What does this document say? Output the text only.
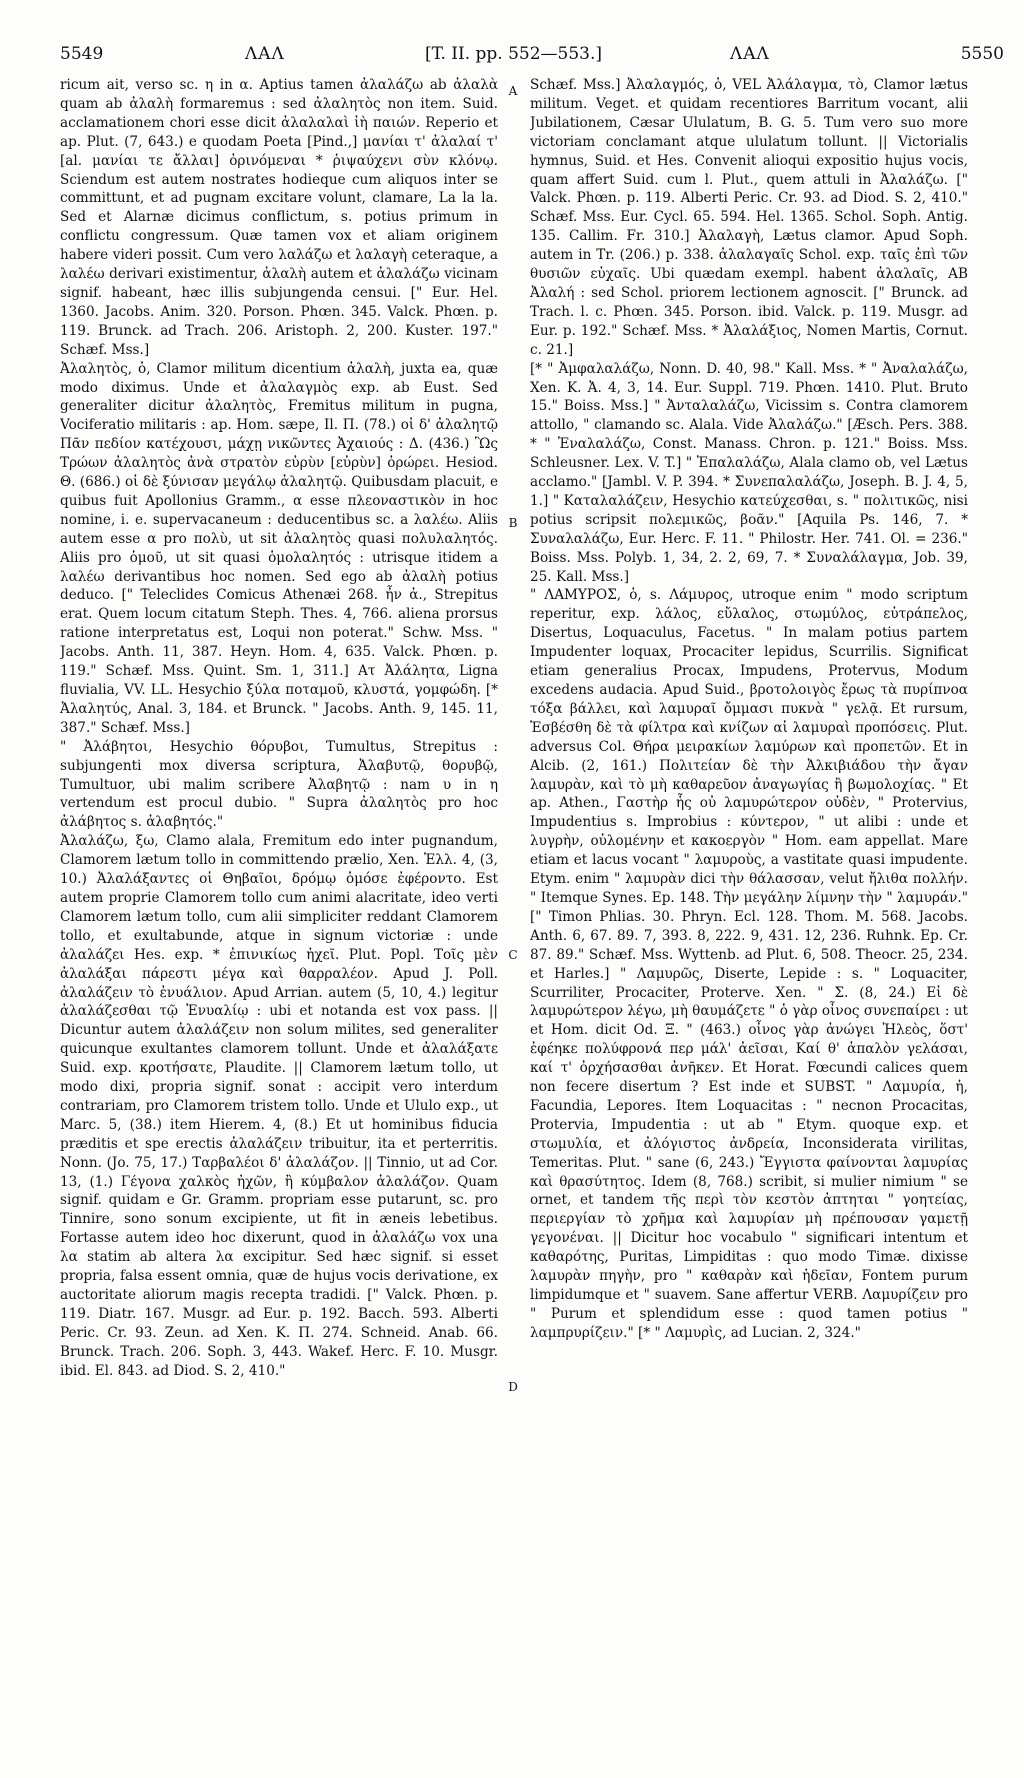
5549	ΛΑΛ	[T. II. pp. 552—553.]	ΛΑΛ	5550

ricum ait, verso sc. η in α. Aptius tamen ἀλαλάζω ab ἀλαλὰ quam ab ἀλαλὴ formaremus : sed ἀλαλητὸς non item. Suid. acclamationem chori esse dicit ἀλαλαλαὶ ἰὴ παιών. Reperio et ap. Plut. (7, 643.) e quodam Poeta [Pind.,] μανίαι τ' ἀλαλαί τ' [al. μανίαι τε ἄλλαι] ὀρινόμεναι * ῥιψαύχενι σὺν κλόνῳ. Sciendum est autem nostrates hodieque cum aliquos inter se committunt, et ad pugnam excitare volunt, clamare, La la la. Sed et Alarnæ dicimus conflictum, s. potius primum in conflictu congressum. Quæ tamen vox et aliam originem habere videri possit. Cum vero λαλάζω et λαλαγὴ ceteraque, a λαλέω derivari existimentur, ἀλαλὴ autem et ἀλαλάζω vicinam signif. habeant, hæc illis subjungenda censui. [" Eur. Hel. 1360. Jacobs. Anim. 320. Porson. Phœn. 345. Valck. Phœn. p. 119. Brunck. ad Trach. 206. Aristoph. 2, 200. Kuster. 197." Schæf. Mss.]

Ἀλαλητὸς, ὁ, Clamor militum dicentium ἀλαλὴ, juxta ea, quæ modo diximus. Unde et ἀλαλαγμὸς exp. ab Eust. Sed generaliter dicitur ἀλαλητὸς, Fremitus militum in pugna, Vociferatio militaris : ap. Hom. sæpe, Il. Π. (78.) οἱ δ' ἀλαλητῷ Πᾶν πεδίον κατέχουσι, μάχῃ νικῶντες Ἀχαιούς : Δ. (436.) Ὣς Τρώων ἀλαλητὸς ἀνὰ στρατὸν εὐρὺν [εὐρὺν] ὀρώρει. Hesiod. Θ. (686.) οἱ δὲ ξύνισαν μεγάλῳ ἀλαλητῷ. Quibusdam placuit, e quibus fuit Apollonius Gramm., α esse πλεοναστικὸν in hoc nomine, i. e. supervacaneum : deducentibus sc. a λαλέω. Aliis autem esse α pro πολὺ, ut sit ἀλαλητὸς quasi πολυλαλητός. Aliis pro ὁμοῦ, ut sit quasi ὁμολαλητός : utrisque itidem a λαλέω derivantibus hoc nomen. Sed ego ab ἀλαλὴ potius deduco. [" Teleclides Comicus Athenæi 268. ἦν ἀ., Strepitus erat. Quem locum citatum Steph. Thes. 4, 766. aliena prorsus ratione interpretatus est, Loqui non poterat." Schw. Mss. " Jacobs. Anth. 11, 387. Heyn. Hom. 4, 635. Valck. Phœn. p. 119." Schæf. Mss. Quint. Sm. 1, 311.] Ατ Ἀλάλητα, Ligna fluvialia, VV. LL. Hesychio ξύλα ποταμοῦ, κλυστά, γομφώδη. [* Ἀλαλητύς, Anal. 3, 184. et Brunck. " Jacobs. Anth. 9, 145. 11, 387." Schæf. Mss.]

" Ἀλάβητοι, Hesychio θόρυβοι, Tumultus, Strepitus : subjungenti mox diversa scriptura, Ἀλαβυτῷ, θορυβῷ, Tumultuor, ubi malim scribere Ἀλαβητῷ : nam υ in η vertendum est procul dubio. " Supra ἀλαλητὸς pro hoc ἀλάβητος s. ἀλαβητός."

Ἀλαλάζω, ξω, Clamo alala, Fremitum edo inter pugnandum, Clamorem lætum tollo in committendo prælio, Xen. Ἑλλ. 4, (3, 10.) Ἀλαλάξαντες οἱ Θηβαῖοι, δρόμῳ ὁμόσε ἐφέροντο. Est autem proprie Clamorem tollo cum animi alacritate, ideo verti Clamorem lætum tollo, cum alii simpliciter reddant Clamorem tollo, et exultabunde, atque in signum victoriæ : unde ἀλαλάζει Hes. exp. * ἐπινικίως ἠχεῖ. Plut. Popl. Τοῖς μὲν ἀλαλάξαι πάρεστι μέγα καὶ θαρραλέον. Apud J. Poll. ἀλαλάζειν τὸ ἐνυάλιον. Apud Arrian. autem (5, 10, 4.) legitur ἀλαλάζεσθαι τῷ Ἐνυαλίῳ : ubi et notanda est vox pass. || Dicuntur autem ἀλαλάζειν non solum milites, sed generaliter quicunque exultantes clamorem tollunt. Unde et ἀλαλάξατε Suid. exp. κροτήσατε, Plaudite. || Clamorem lætum tollo, ut modo dixi, propria signif. sonat : accipit vero interdum contrariam, pro Clamorem tristem tollo. Unde et Ululo exp., ut Marc. 5, (38.) item Hierem. 4, (8.) Et ut hominibus fiducia præditis et spe erectis ἀλαλάζειν tribuitur, ita et perterritis. Nonn. (Jo. 75, 17.) Ταρβαλέοι δ' ἀλαλάζον. || Tinnio, ut ad Cor. 13, (1.) Γέγονα χαλκὸς ἠχῶν, ἢ κύμβαλον ἀλαλάζον. Quam signif. quidam e Gr. Gramm. propriam esse putarunt, sc. pro Tinnire, sono sonum excipiente, ut fit in æneis lebetibus. Fortasse autem ideo hoc dixerunt, quod in ἀλαλάζω vox una λα statim ab altera λα excipitur. Sed hæc signif. si esset propria, falsa essent omnia, quæ de hujus vocis derivatione, ex auctoritate aliorum magis recepta tradidi. [" Valck. Phœn. p. 119. Diatr. 167. Musgr. ad Eur. p. 192. Bacch. 593. Alberti Peric. Cr. 93. Zeun. ad Xen. K. Π. 274. Schneid. Anab. 66. Brunck. Trach. 206. Soph. 3, 443. Wakef. Herc. F. 10. Musgr. ibid. El. 843. ad Diod. S. 2, 410."

A
B
C
D

Schæf. Mss.] Ἀλαλαγμός, ὁ, VEL Ἀλάλαγμα, τὸ, Clamor lætus militum. Veget. et quidam recentiores Barritum vocant, alii Jubilationem, Cæsar Ululatum, B. G. 5. Tum vero suo more victoriam conclamant atque ululatum tollunt. || Victorialis hymnus, Suid. et Hes. Convenit alioqui expositio hujus vocis, quam affert Suid. cum l. Plut., quem attuli in Ἀλαλάζω. [" Valck. Phœn. p. 119. Alberti Peric. Cr. 93. ad Diod. S. 2, 410." Schæf. Mss. Eur. Cycl. 65. 594. Hel. 1365. Schol. Soph. Antig. 135. Callim. Fr. 310.] Ἀλαλαγὴ, Lætus clamor. Apud Soph. autem in Tr. (206.) p. 338. ἀλαλαγαῖς Schol. exp. ταῖς ἐπὶ τῶν θυσιῶν εὐχαῖς. Ubi quædam exempl. habent ἀλαλαῖς, AB Ἀλαλή : sed Schol. priorem lectionem agnoscit. [" Brunck. ad Trach. l. c. Phœn. 345. Porson. ibid. Valck. p. 119. Musgr. ad Eur. p. 192." Schæf. Mss. * Ἀλαλάξιος, Nomen Martis, Cornut. c. 21.]

[* " Ἀμφαλαλάζω, Nonn. D. 40, 98." Kall. Mss. * " Ἀναλαλάζω, Xen. K. Ἀ. 4, 3, 14. Eur. Suppl. 719. Phœn. 1410. Plut. Bruto 15." Boiss. Mss.] " Ἀνταλαλάζω, Vicissim s. Contra clamorem attollo, " clamando sc. Alala. Vide Ἀλαλάζω." [Æsch. Pers. 388. * " Ἐναλαλάζω, Const. Manass. Chron. p. 121." Boiss. Mss. Schleusner. Lex. V. T.] " Ἐπαλαλάζω, Alala clamo ob, vel Lætus acclamo." [Jambl. V. P. 394. * Συνεπαλαλάζω, Joseph. B. J. 4, 5, 1.] " Καταλαλάζειν, Hesychio κατεύχεσθαι, s. " πολιτικῶς, nisi potius scripsit πολεμικῶς, βοᾶν." [Aquila Ps. 146, 7. * Συναλαλάζω, Eur. Herc. F. 11. " Philostr. Her. 741. Ol. = 236." Boiss. Mss. Polyb. 1, 34, 2. 2, 69, 7. * Συναλάλαγμα, Job. 39, 25. Kall. Mss.]

" ΛΑΜΥΡΟΣ, ὁ, s. Λάμυρος, utroque enim " modo scriptum reperitur, exp. λάλος, εὔλαλος, στωμύλος, εὐτράπελος, Disertus, Loquaculus, Facetus. " In malam potius partem Impudenter loquax, Procaciter lepidus, Scurrilis. Significat etiam generalius Procax, Impudens, Protervus, Modum excedens audacia. Apud Suid., βροτολοιγὸς ἔρως τὰ πυρίπνοα τόξα βάλλει, καὶ λαμυραῖ ὄμμασι πυκνὰ " γελᾷ. Et rursum, Ἐσβέσθη δὲ τὰ φίλτρα καὶ κνίζων αἱ λαμυραὶ προπόσεις. Plut. adversus Col. Θήρα μειρακίων λαμύρων καὶ προπετῶν. Et in Alcib. (2, 161.) Πολιτείαν δὲ τὴν Ἀλκιβιάδου τὴν ἄγαν λαμυρὰν, καὶ τὸ μὴ καθαρεῦον ἀναγωγίας ἢ βωμολοχίας. " Et ap. Athen., Γαστὴρ ἧς οὐ λαμυρώτερον οὐδὲν, " Protervius, Impudentius s. Improbius : κύντερον, " ut alibi : unde et λυγρὴν, οὐλομένην et κακοεργὸν " Hom. eam appellat. Mare etiam et lacus vocant " λαμυροὺς, a vastitate quasi impudente. Etym. enim " λαμυρὰν dici τὴν θάλασσαν, velut ἤλιθα πολλήν. " Itemque Synes. Ep. 148. Τὴν μεγάλην λίμνην τὴν " λαμυράν." [" Timon Phlias. 30. Phryn. Ecl. 128. Thom. M. 568. Jacobs. Anth. 6, 67. 89. 7, 393. 8, 222. 9, 431. 12, 236. Ruhnk. Ep. Cr. 87. 89." Schæf. Mss. Wyttenb. ad Plut. 6, 508. Theocr. 25, 234. et Harles.] " Λαμυρῶς, Diserte, Lepide : s. " Loquaciter, Scurriliter, Procaciter, Proterve. Xen. " Σ. (8, 24.) Εἰ δὲ λαμυρώτερον λέγω, μὴ θαυμάζετε " ὁ γὰρ οἶνος συνεπαίρει : ut et Hom. dicit Od. Ξ. " (463.) οἶνος γὰρ ἀνώγει Ἠλεὸς, ὅστ' ἐφέηκε πολύφρονά περ μάλ' ἀεῖσαι, Καί θ' ἁπαλὸν γελάσαι, καί τ' ὀρχήσασθαι ἀνῆκεν. Et Horat. Fœcundi calices quem non fecere disertum ? Est inde et SUBST. " Λαμυρία, ἡ, Facundia, Lepores. Item Loquacitas : " necnon Procacitas, Protervia, Impudentia : ut ab " Etym. quoque exp. et στωμυλία, et ἀλόγιστος ἀνδρεία, Inconsiderata virilitas, Temeritas. Plut. " sane (6, 243.) Ἔγγιστα φαίνονται λαμυρίας καὶ θρασύτητος. Idem (8, 768.) scribit, si mulier nimium " se ornet, et tandem τῆς περὶ τὸν κεστὸν ἀπτηται " γοητείας, περιεργίαν τὸ χρῆμα καὶ λαμυρίαν μὴ πρέπουσαν γαμετῇ γεγονέναι. || Dicitur hoc vocabulo " significari intentum et καθαρότης, Puritas, Limpiditas : quo modo Timæ. dixisse λαμυρὰν πηγὴν, pro " καθαρὰν καὶ ἡδεῖαν, Fontem purum limpidumque et " suavem. Sane affertur VERB. Λαμυρίζειν pro " Purum et splendidum esse : quod tamen potius " λαμπρυρίζειν." [* " Λαμυρὶς, ad Lucian. 2, 324."
